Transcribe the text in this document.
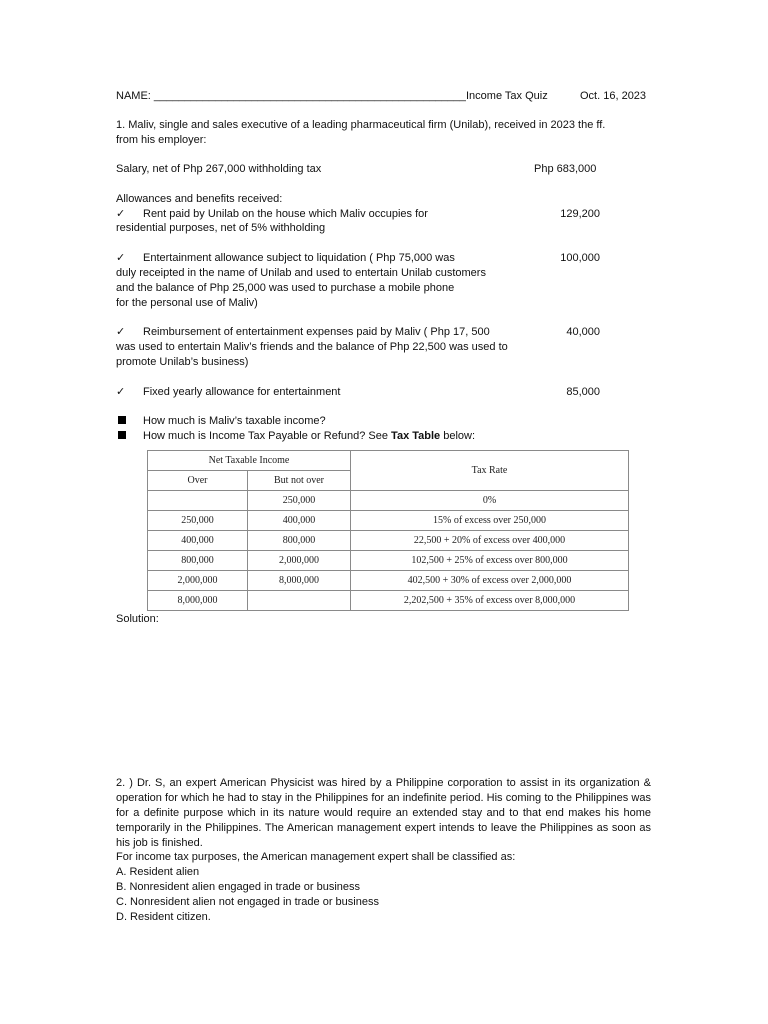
NAME: ___________________________________________________ Income Tax Quiz	Oct. 16, 2023
1. Maliv, single and sales executive of a leading pharmaceutical firm (Unilab), received in 2023 the ff.
from his employer:
Salary, net of Php 267,000 withholding tax	Php 683,000
Allowances and benefits received:
✓ Rent paid by Unilab on the house which Maliv occupies for
residential purposes, net of 5% withholding
129,200
✓ Entertainment allowance subject to liquidation ( Php 75,000 was
duly receipted in the name of Unilab and used to entertain Unilab customers
and the balance of Php 25,000 was used to purchase a mobile phone
for the personal use of Maliv)
100,000
✓ Reimbursement of entertainment expenses paid by Maliv ( Php 17, 500
was used to entertain Maliv’s friends and the balance of Php 22,500 was used to
promote Unilab’s business)
40,000
✓ Fixed yearly allowance for entertainment	85,000
How much is Maliv’s taxable income?
How much is Income Tax Payable or Refund? See Tax Table below:
Net Taxable Income		Tax Rate
Over	But not over	
	250,000	0%
250,000	400,000	15% of excess over 250,000
400,000	800,000	22,500 + 20% of excess over 400,000
800,000	2,000,000	102,500 + 25% of excess over 800,000
2,000,000	8,000,000	402,500 + 30% of excess over 2,000,000
8,000,000		2,202,500 + 35% of excess over 8,000,000
Solution:
2. ) Dr. S, an expert American Physicist was hired by a Philippine corporation to assist in its organization & operation for which he had to stay in the Philippines for an indefinite period. His coming to the Philippines was for a definite purpose which in its nature would require an extended stay and to that end makes his home temporarily in the Philippines. The American management expert intends to leave the Philippines as soon as his job is finished.
For income tax purposes, the American management expert shall be classified as:
A. Resident alien
B. Nonresident alien engaged in trade or business
C. Nonresident alien not engaged in trade or business
D. Resident citizen.
